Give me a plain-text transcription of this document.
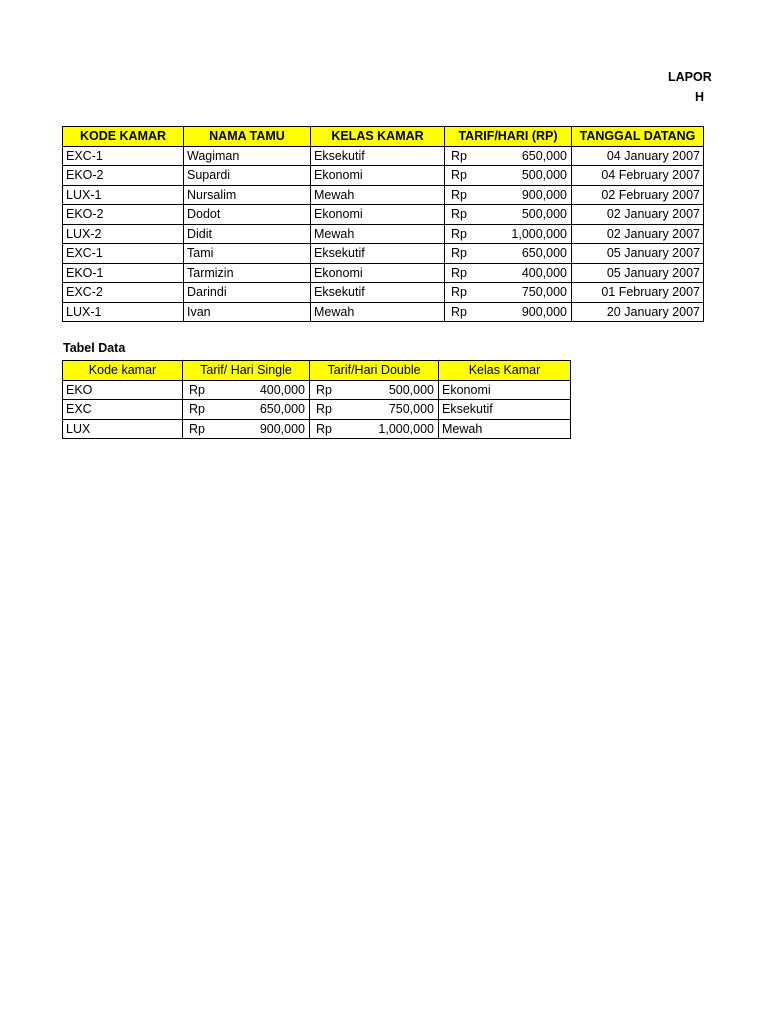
LAPOR
H
KODE KAMAR	NAMA TAMU	KELAS KAMAR	TARIF/HARI (RP)	TANGGAL DATANG
EXC-1	Wagiman	Eksekutif	Rp 650,000	04 January 2007
EKO-2	Supardi	Ekonomi	Rp 500,000	04 February 2007
LUX-1	Nursalim	Mewah	Rp 900,000	02 February 2007
EKO-2	Dodot	Ekonomi	Rp 500,000	02 January 2007
LUX-2	Didit	Mewah	Rp 1,000,000	02 January 2007
EXC-1	Tami	Eksekutif	Rp 650,000	05 January 2007
EKO-1	Tarmizin	Ekonomi	Rp 400,000	05 January 2007
EXC-2	Darindi	Eksekutif	Rp 750,000	01 February 2007
LUX-1	Ivan	Mewah	Rp 900,000	20 January 2007
Tabel Data
Kode kamar	Tarif/ Hari Single	Tarif/Hari Double	Kelas Kamar
EKO	Rp 400,000	Rp 500,000	Ekonomi
EXC	Rp 650,000	Rp 750,000	Eksekutif
LUX	Rp 900,000	Rp 1,000,000	Mewah
